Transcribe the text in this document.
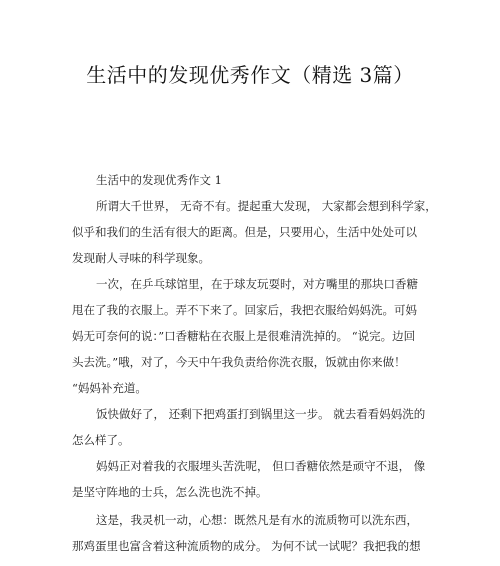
生活中的发现优秀作文（精选 3篇）
生活中的发现优秀作文 1
所谓大千世界， 无奇不有。提起重大发现， 大家都会想到科学家，
似乎和我们的生活有很大的距离。但是，只要用心，生活中处处可以
发现耐人寻味的科学现象。
一次，在乒乓球馆里，在于球友玩耍时，对方嘴里的那块口香糖
甩在了我的衣服上。弄不下来了。回家后，我把衣服给妈妈洗。可妈
妈无可奈何的说：”口香糖粘在衣服上是很难清洗掉的。 “说完。边回
头去洗。”哦，对了，今天中午我负责给你洗衣服，饭就由你来做！
“妈妈补充道。
饭快做好了， 还剩下把鸡蛋打到锅里这一步。 就去看看妈妈洗的
怎么样了。
妈妈正对着我的衣服埋头苦洗呢， 但口香糖依然是顽守不退， 像
是坚守阵地的士兵，怎么洗也洗不掉。
这是，我灵机一动，心想：既然凡是有水的流质物可以洗东西，
那鸡蛋里也富含着这种流质物的成分。 为何不试一试呢？我把我的想
